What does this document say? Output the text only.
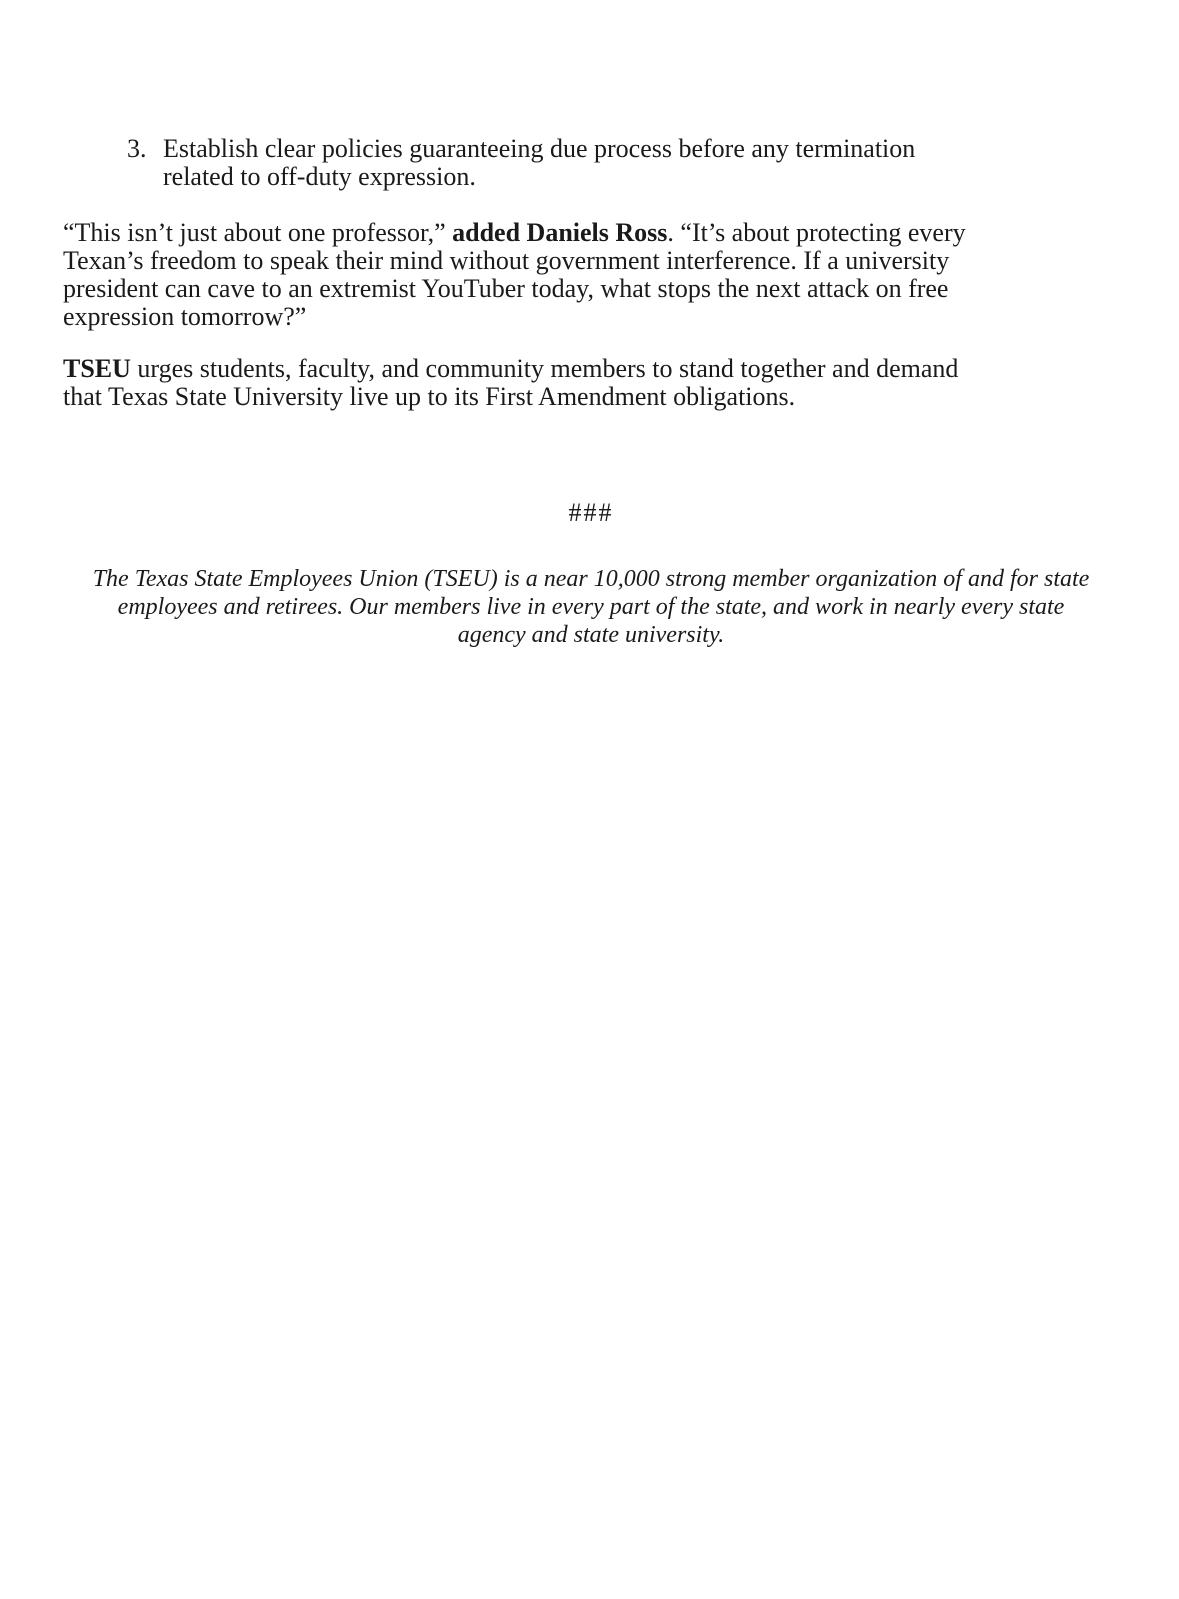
3. Establish clear policies guaranteeing due process before any termination
related to off-duty expression.
“This isn’t just about one professor,” added Daniels Ross. “It’s about protecting every
Texan’s freedom to speak their mind without government interference. If a university
president can cave to an extremist YouTuber today, what stops the next attack on free
expression tomorrow?”
TSEU urges students, faculty, and community members to stand together and demand
that Texas State University live up to its First Amendment obligations.
###
The Texas State Employees Union (TSEU) is a near 10,000 strong member organization of and for state
employees and retirees. Our members live in every part of the state, and work in nearly every state
agency and state university.
